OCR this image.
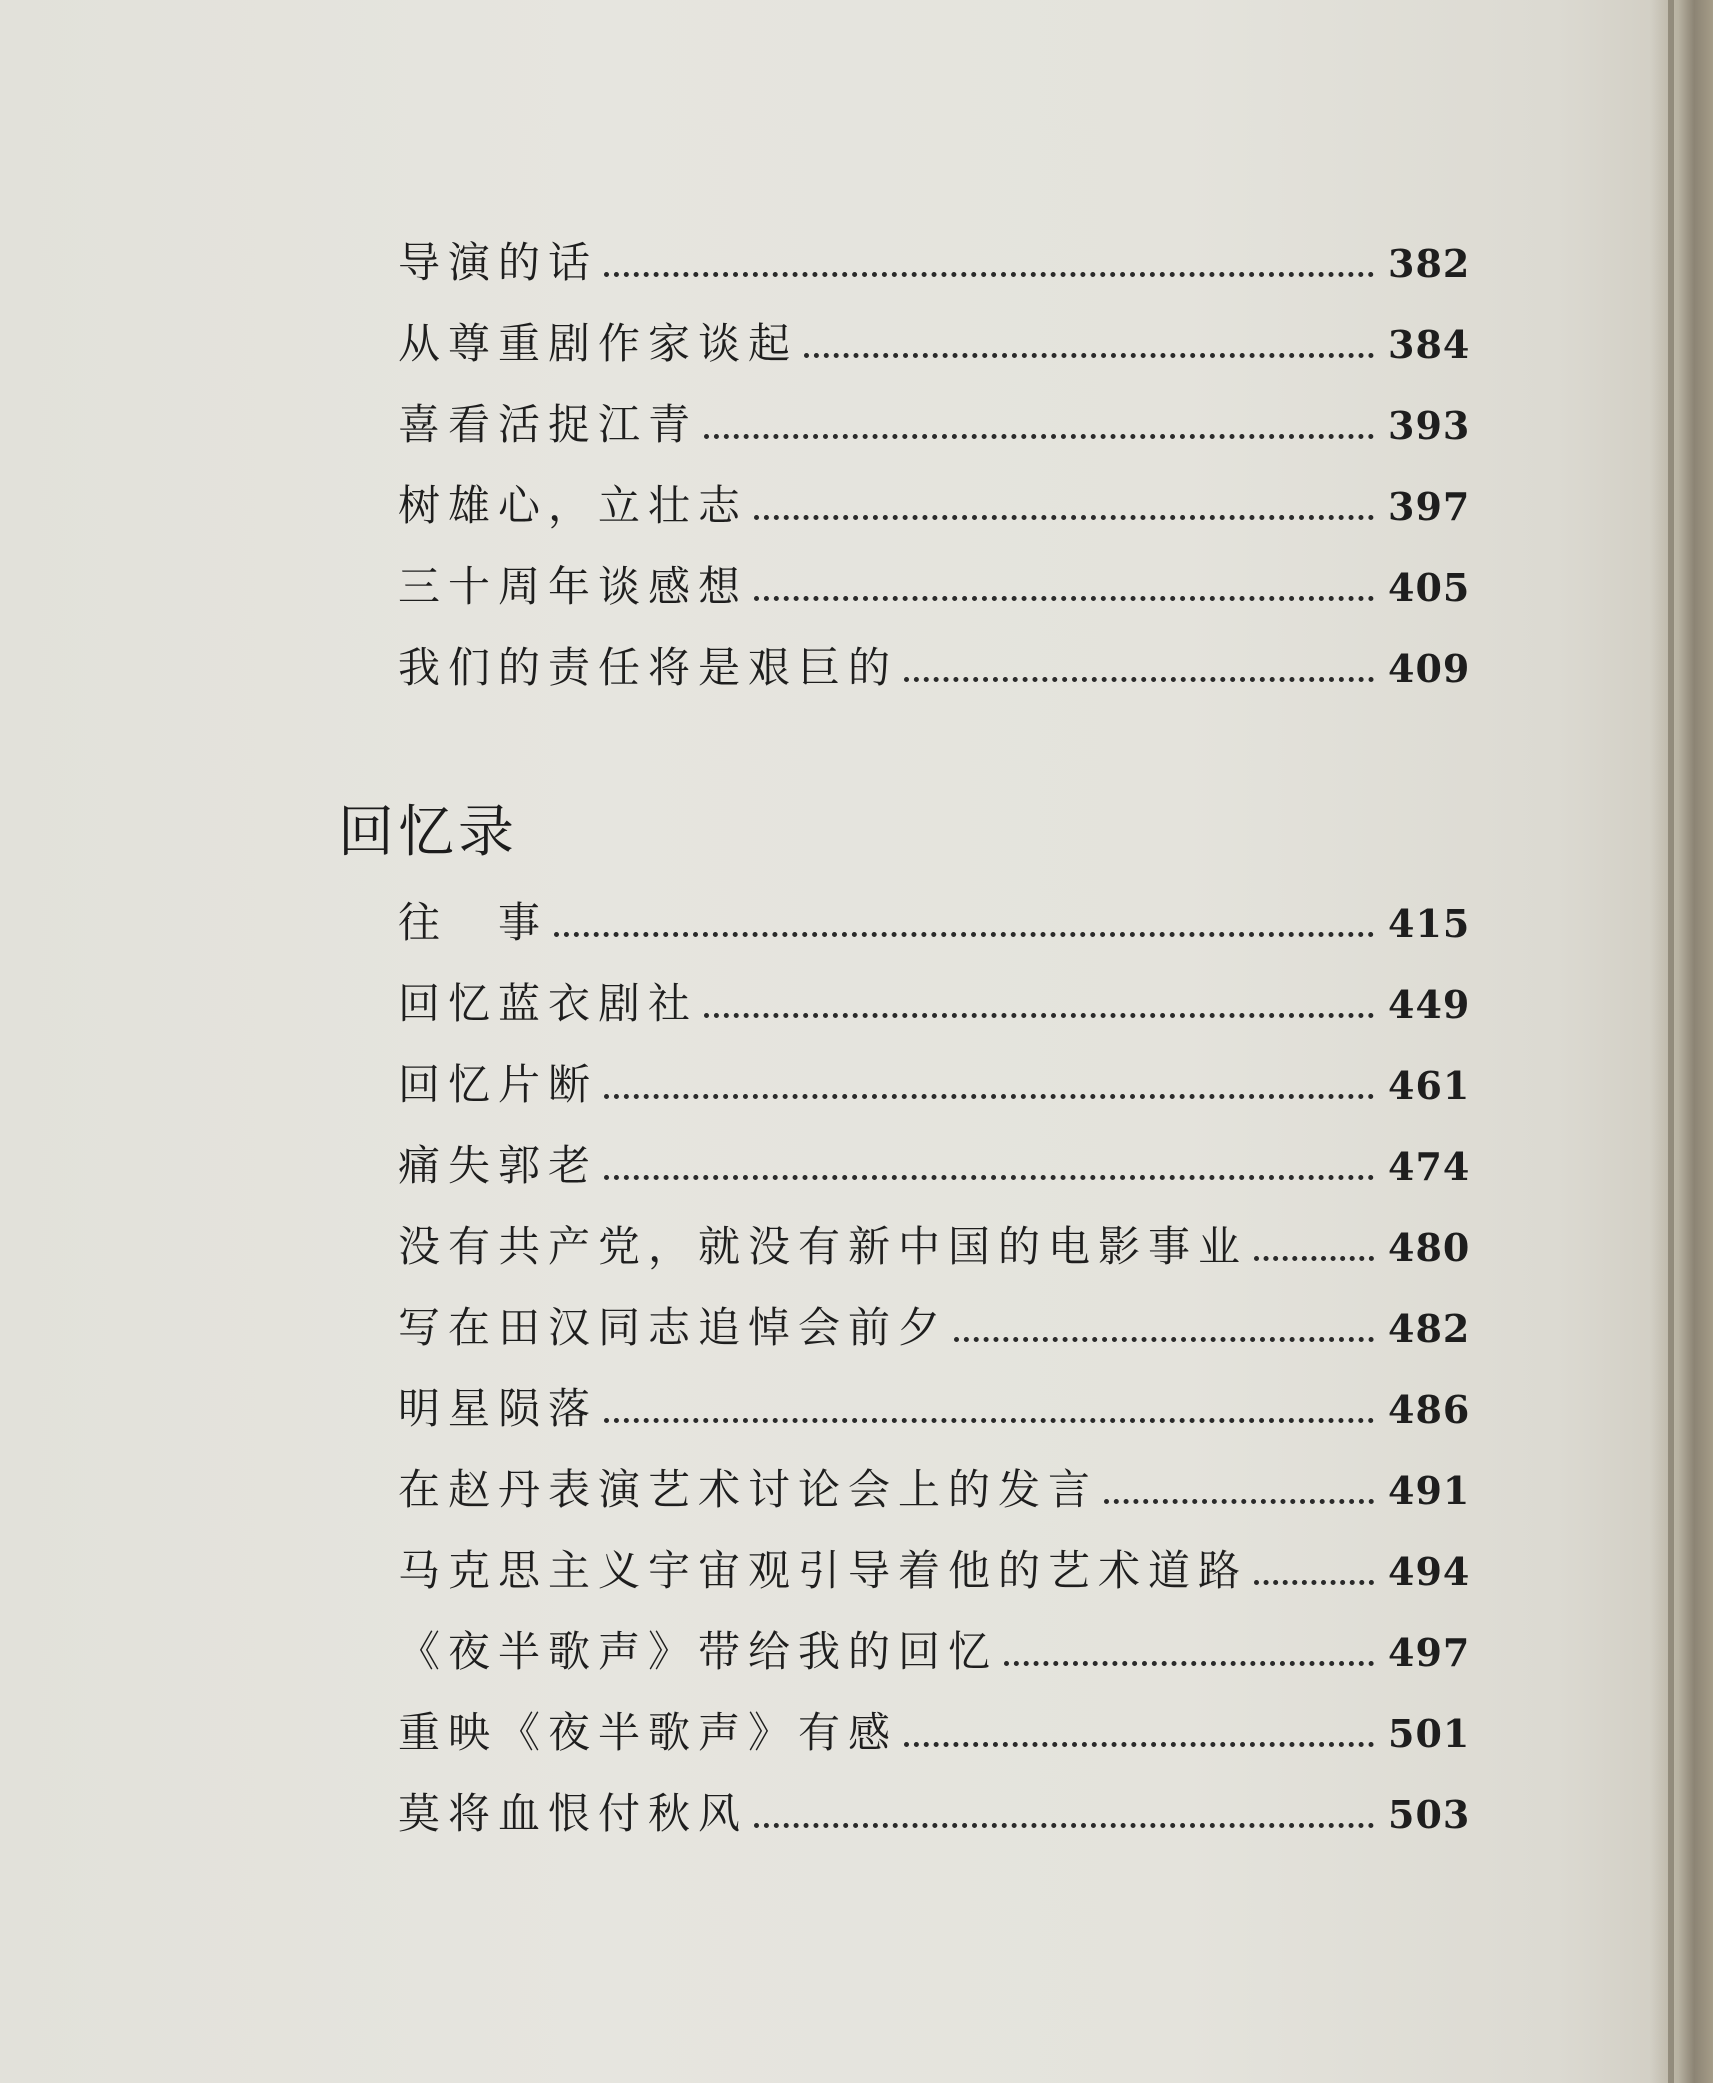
导演的话	382
从尊重剧作家谈起	384
喜看活捉江青	393
树雄心，立壮志	397
三十周年谈感想	405
我们的责任将是艰巨的	409
回忆录
往　事	415
回忆蓝衣剧社	449
回忆片断	461
痛失郭老	474
没有共产党，就没有新中国的电影事业	480
写在田汉同志追悼会前夕	482
明星陨落	486
在赵丹表演艺术讨论会上的发言	491
马克思主义宇宙观引导着他的艺术道路	494
《夜半歌声》带给我的回忆	497
重映《夜半歌声》有感	501
莫将血恨付秋风	503
